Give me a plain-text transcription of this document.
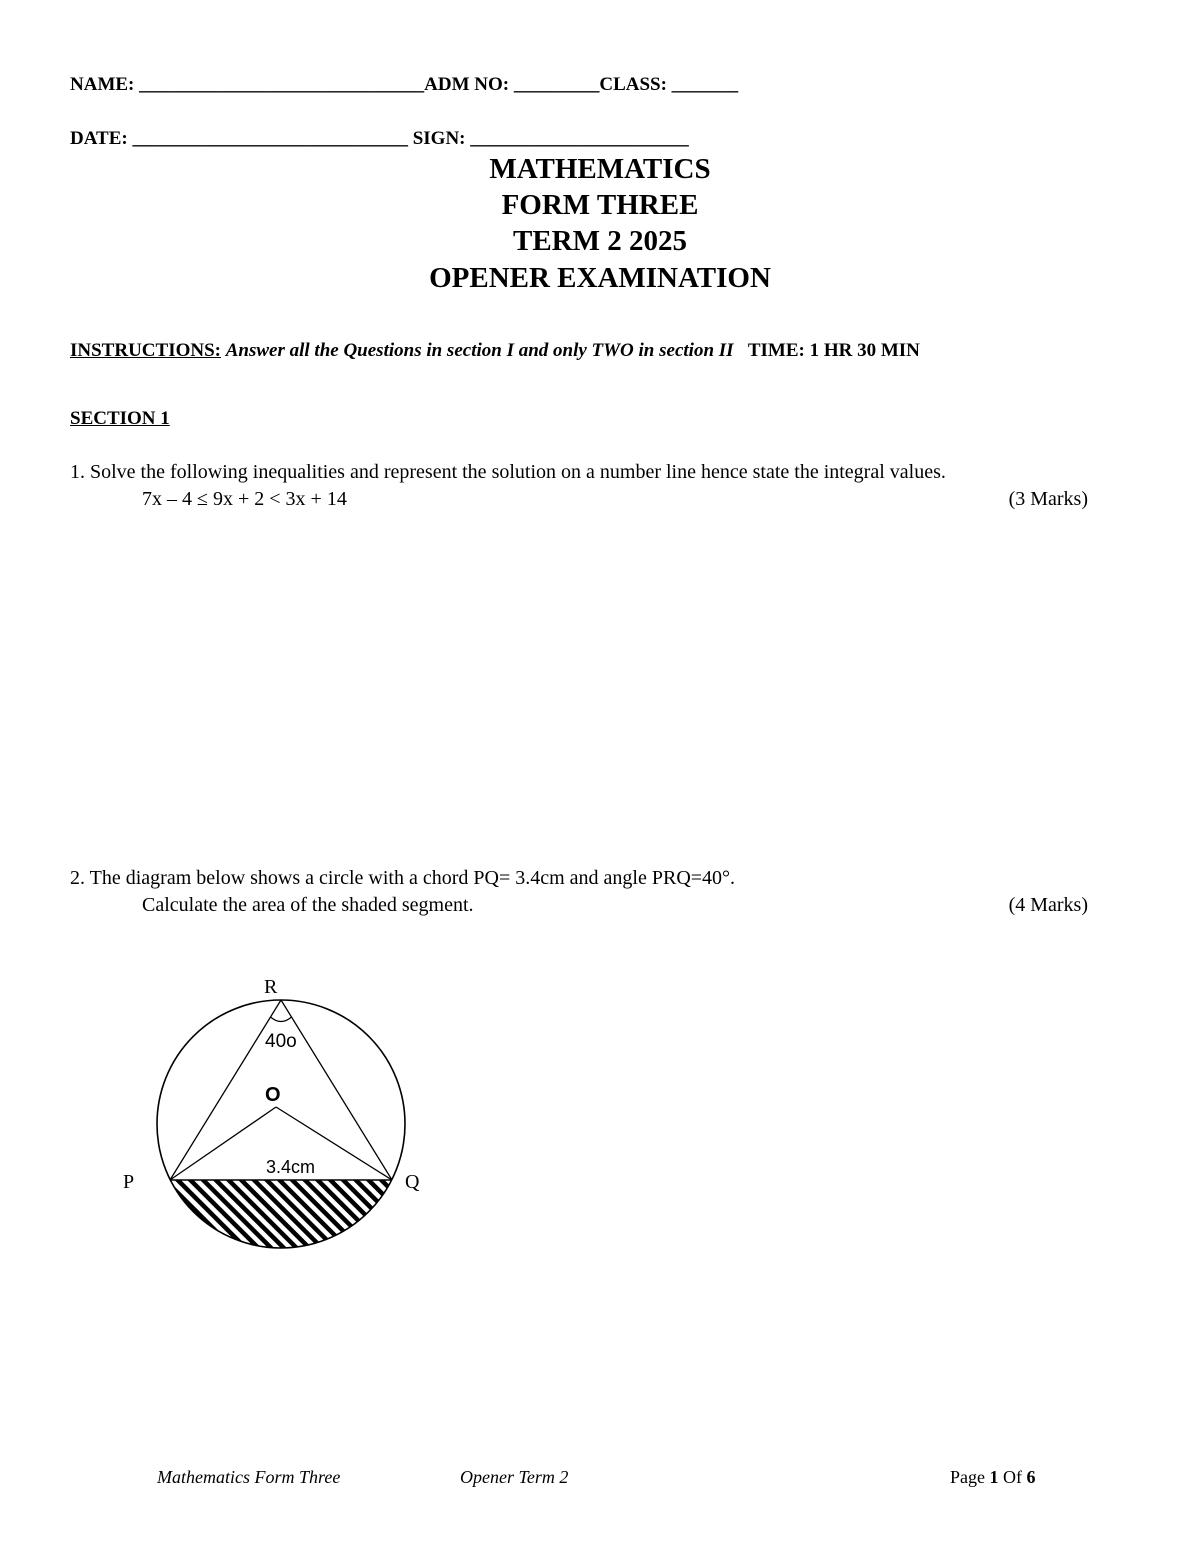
NAME: ______________________________ADM NO: _________CLASS: _______
DATE: _____________________________ SIGN: _______________________
MATHEMATICS
FORM THREE
TERM 2 2025
OPENER EXAMINATION
INSTRUCTIONS: Answer all the Questions in section I and only TWO in section II TIME: 1 HR 30 MIN
SECTION 1
1. Solve the following inequalities and represent the solution on a number line hence state the integral values.
7x – 4 ≤ 9x + 2 < 3x + 14	(3 Marks)
2. The diagram below shows a circle with a chord PQ= 3.4cm and angle PRQ=40°.
Calculate the area of the shaded segment.	(4 Marks)
R
40o
O
3.4cm
P	Q
Mathematics Form Three	Opener Term 2	Page 1 Of 6
